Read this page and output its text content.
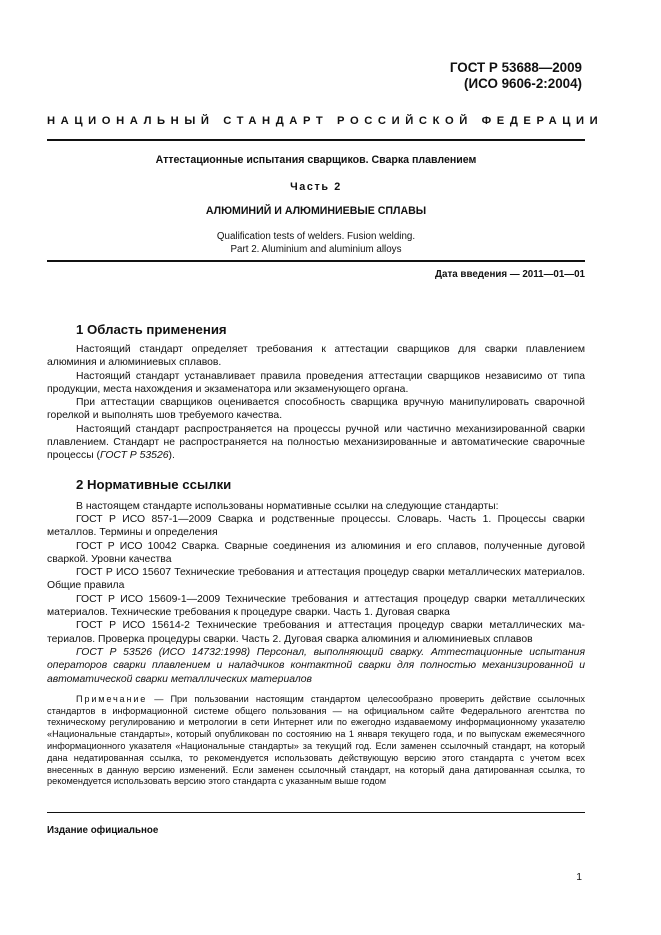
ГОСТ Р 53688—2009
(ИСО 9606-2:2004)
НАЦИОНАЛЬНЫЙ СТАНДАРТ РОССИЙСКОЙ ФЕДЕРАЦИИ
Аттестационные испытания сварщиков. Сварка плавлением
Часть 2
АЛЮМИНИЙ И АЛЮМИНИЕВЫЕ СПЛАВЫ
Qualification tests of welders. Fusion welding.
Part 2. Aluminium and aluminium alloys
Дата введения — 2011—01—01
1 Область применения

Настоящий стандарт определяет требования к аттестации сварщиков для сварки плавлением алюминия и алюминиевых сплавов.

Настоящий стандарт устанавливает правила проведения аттестации сварщиков независимо от типа продукции, места нахождения и экзаменатора или экзаменующего органа.

При аттестации сварщиков оценивается способность сварщика вручную манипулировать сварочной горелкой и выполнять шов требуемого качества.

Настоящий стандарт распространяется на процессы ручной или частично механизированной сварки плавлением. Стандарт не распространяется на полностью механизированные и автоматические сварочные процессы (ГОСТ Р 53526).

2 Нормативные ссылки

В настоящем стандарте использованы нормативные ссылки на следующие стандарты:

ГОСТ Р ИСО 857-1—2009 Сварка и родственные процессы. Словарь. Часть 1. Процессы сварки металлов. Термины и определения

ГОСТ Р ИСО 10042 Сварка. Сварные соединения из алюминия и его сплавов, полученные дуговой сваркой. Уровни качества

ГОСТ Р ИСО 15607 Технические требования и аттестация процедур сварки металлических материалов. Общие правила

ГОСТ Р ИСО 15609-1—2009 Технические требования и аттестация процедур сварки металлических материалов. Технические требования к процедуре сварки. Часть 1. Дуговая сварка

ГОСТ Р ИСО 15614-2 Технические требования и аттестация процедур сварки металлических материалов. Проверка процедуры сварки. Часть 2. Дуговая сварка алюминия и алюминиевых сплавов

ГОСТ Р 53526 (ИСО 14732:1998) Персонал, выполняющий сварку. Аттестационные испытания операторов сварки плавлением и наладчиков контактной сварки для полностью механизированной и автоматической сварки металлических материалов

Примечание — При пользовании настоящим стандартом целесообразно проверить действие ссылочных стандартов в информационной системе общего пользования — на официальном сайте Федерального агентства по техническому регулированию и метрологии в сети Интернет или по ежегодно издаваемому информационному указателю «Национальные стандарты», который опубликован по состоянию на 1 января текущего года, и по выпускам ежемесячного информационного указателя «Национальные стандарты» за текущий год. Если заменен ссылочный стандарт, на который дана недатированная ссылка, то рекомендуется использовать действующую версию этого стандарта с учетом всех внесенных в данную версию изменений. Если заменен ссылочный стандарт, на который дана датированная ссылка, то рекомендуется использовать версию этого стандарта с указанным выше годом

Издание официальное
1
